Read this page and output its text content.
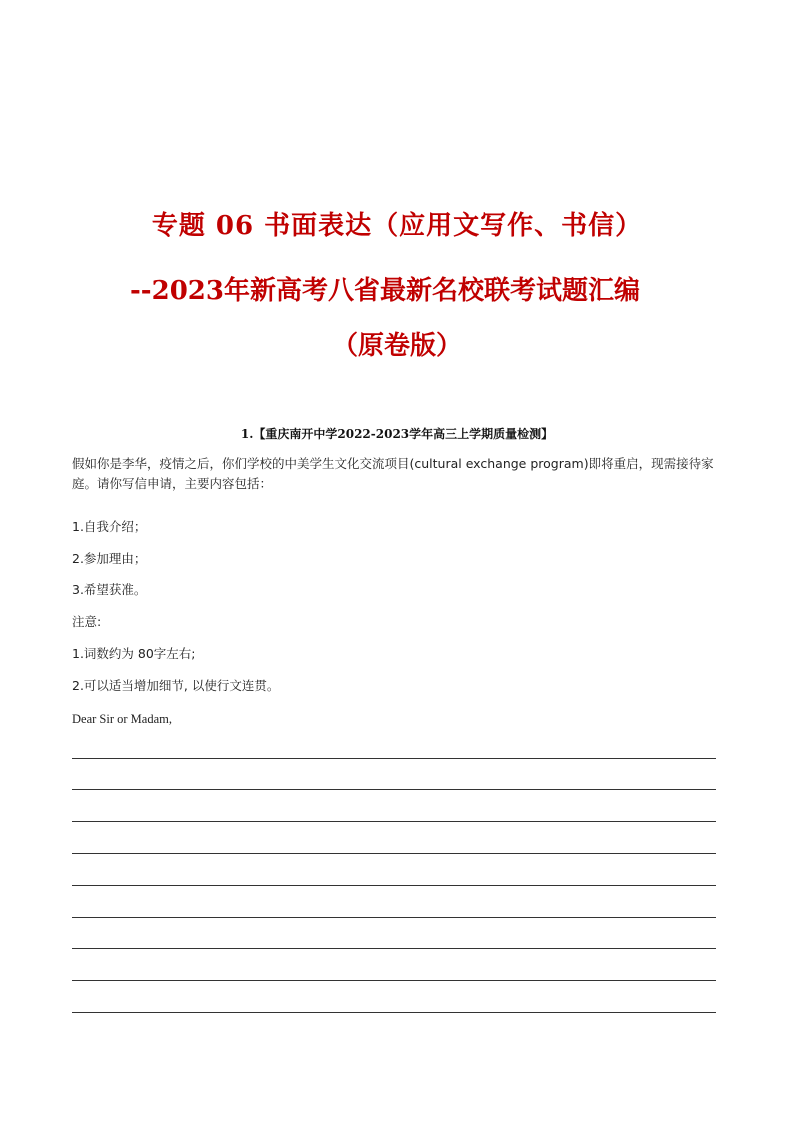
专题 06 书面表达（应用文写作、书信）
--2023年新高考八省最新名校联考试题汇编
（原卷版）
1.【重庆南开中学2022-2023学年高三上学期质量检测】
假如你是李华，疫情之后，你们学校的中美学生文化交流项目(cultural exchange program)即将重启，现需接待家庭。请你写信申请，主要内容包括：
1.自我介绍；
2.参加理由；
3.希望获准。
注意:
1.词数约为 80字左右;
2.可以适当增加细节, 以使行文连贯。
Dear Sir or Madam,
